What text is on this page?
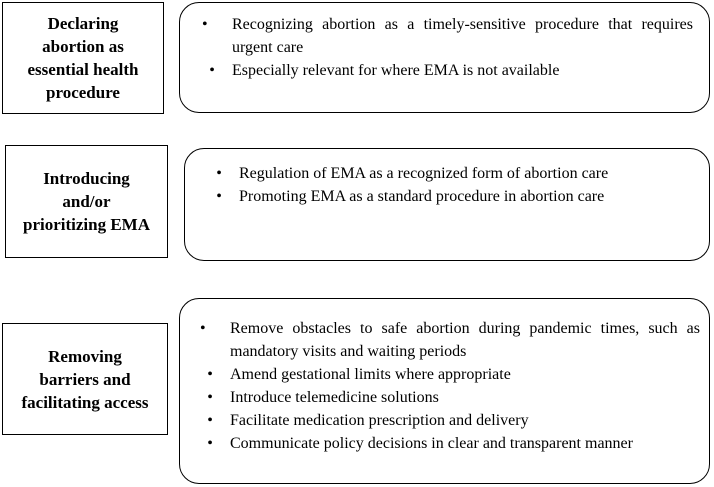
Declaring
abortion as
essential health
procedure
•	Recognizing abortion as a timely-sensitive procedure that requires urgent care
•	Especially relevant for where EMA is not available
Introducing
and/or
prioritizing EMA
•	Regulation of EMA as a recognized form of abortion care
•	Promoting EMA as a standard procedure in abortion care
Removing
barriers and
facilitating access
•	Remove obstacles to safe abortion during pandemic times, such as mandatory visits and waiting periods
•	Amend gestational limits where appropriate
•	Introduce telemedicine solutions
•	Facilitate medication prescription and delivery
•	Communicate policy decisions in clear and transparent manner
